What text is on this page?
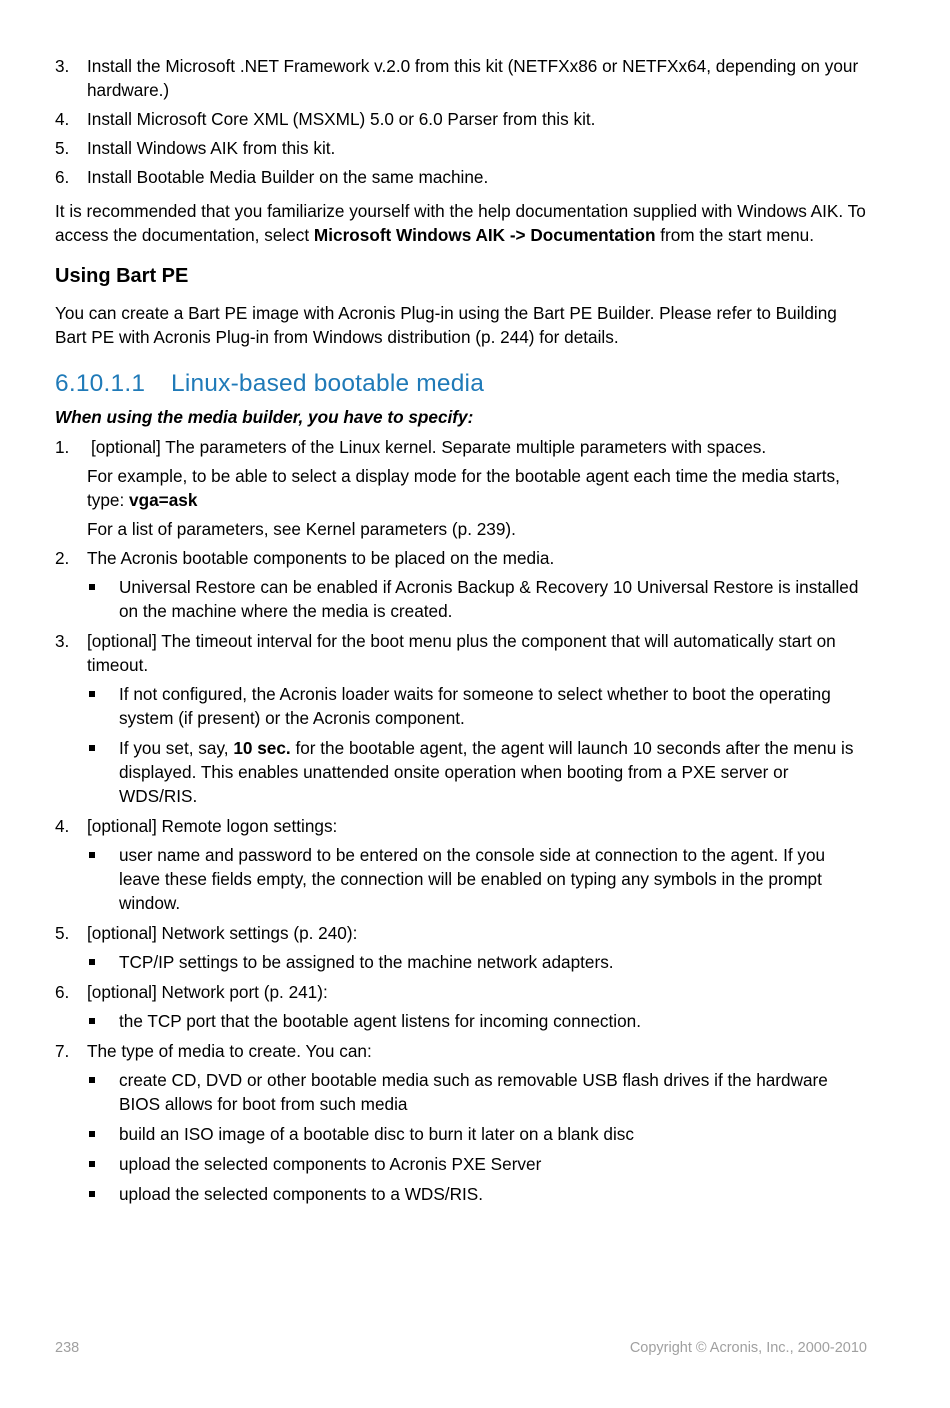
3. Install the Microsoft .NET Framework v.2.0 from this kit (NETFXx86 or NETFXx64, depending on your hardware.)
4. Install Microsoft Core XML (MSXML) 5.0 or 6.0 Parser from this kit.
5. Install Windows AIK from this kit.
6. Install Bootable Media Builder on the same machine.

It is recommended that you familiarize yourself with the help documentation supplied with Windows AIK. To access the documentation, select Microsoft Windows AIK -> Documentation from the start menu.

Using Bart PE

You can create a Bart PE image with Acronis Plug-in using the Bart PE Builder. Please refer to Building Bart PE with Acronis Plug-in from Windows distribution (p. 244) for details.

6.10.1.1 Linux-based bootable media
When using the media builder, you have to specify:
1. [optional] The parameters of the Linux kernel. Separate multiple parameters with spaces.
For example, to be able to select a display mode for the bootable agent each time the media starts, type: vga=ask
For a list of parameters, see Kernel parameters (p. 239).
2. The Acronis bootable components to be placed on the media.
Universal Restore can be enabled if Acronis Backup & Recovery 10 Universal Restore is installed on the machine where the media is created.
3. [optional] The timeout interval for the boot menu plus the component that will automatically start on timeout.
If not configured, the Acronis loader waits for someone to select whether to boot the operating system (if present) or the Acronis component.
If you set, say, 10 sec. for the bootable agent, the agent will launch 10 seconds after the menu is displayed. This enables unattended onsite operation when booting from a PXE server or WDS/RIS.
4. [optional] Remote logon settings:
user name and password to be entered on the console side at connection to the agent. If you leave these fields empty, the connection will be enabled on typing any symbols in the prompt window.
5. [optional] Network settings (p. 240):
TCP/IP settings to be assigned to the machine network adapters.
6. [optional] Network port (p. 241):
the TCP port that the bootable agent listens for incoming connection.
7. The type of media to create. You can:
create CD, DVD or other bootable media such as removable USB flash drives if the hardware BIOS allows for boot from such media
build an ISO image of a bootable disc to burn it later on a blank disc
upload the selected components to Acronis PXE Server
upload the selected components to a WDS/RIS.
238	Copyright © Acronis, Inc., 2000-2010
